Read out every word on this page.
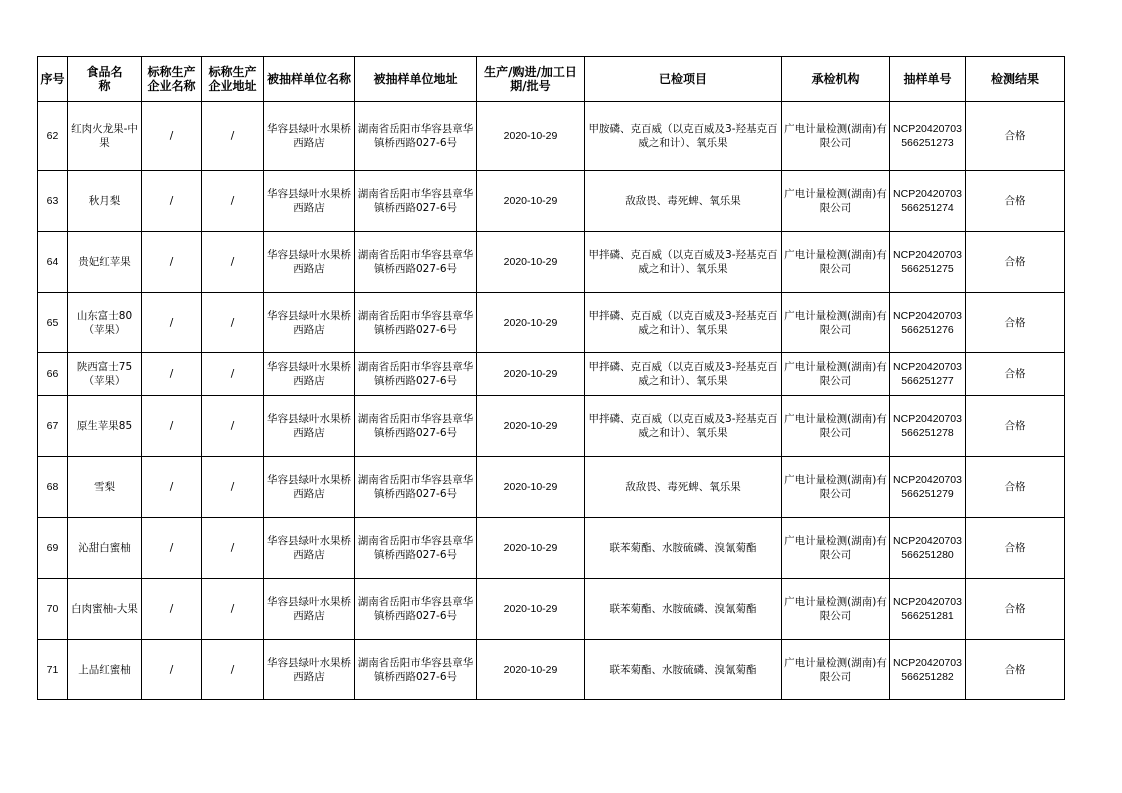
序号	食品名称	标称生产企业名称	标称生产企业地址	被抽样单位名称	被抽样单位地址	生产/购进/加工日期/批号	已检项目	承检机构	抽样单号	检测结果
62	红肉火龙果-中果	/	/	华容县绿叶水果桥西路店	湖南省岳阳市华容县章华镇桥西路027-6号	2020-10-29	甲胺磷、克百威（以克百威及3-羟基克百威之和计）、氧乐果	广电计量检测(湖南)有限公司	NCP20420703566251273	合格
63	秋月梨	/	/	华容县绿叶水果桥西路店	湖南省岳阳市华容县章华镇桥西路027-6号	2020-10-29	敌敌畏、毒死蜱、氧乐果	广电计量检测(湖南)有限公司	NCP20420703566251274	合格
64	贵妃红苹果	/	/	华容县绿叶水果桥西路店	湖南省岳阳市华容县章华镇桥西路027-6号	2020-10-29	甲拌磷、克百威（以克百威及3-羟基克百威之和计）、氧乐果	广电计量检测(湖南)有限公司	NCP20420703566251275	合格
65	山东富士80（苹果）	/	/	华容县绿叶水果桥西路店	湖南省岳阳市华容县章华镇桥西路027-6号	2020-10-29	甲拌磷、克百威（以克百威及3-羟基克百威之和计）、氧乐果	广电计量检测(湖南)有限公司	NCP20420703566251276	合格
66	陕西富士75（苹果）	/	/	华容县绿叶水果桥西路店	湖南省岳阳市华容县章华镇桥西路027-6号	2020-10-29	甲拌磷、克百威（以克百威及3-羟基克百威之和计）、氧乐果	广电计量检测(湖南)有限公司	NCP20420703566251277	合格
67	原生苹果85	/	/	华容县绿叶水果桥西路店	湖南省岳阳市华容县章华镇桥西路027-6号	2020-10-29	甲拌磷、克百威（以克百威及3-羟基克百威之和计）、氧乐果	广电计量检测(湖南)有限公司	NCP20420703566251278	合格
68	雪梨	/	/	华容县绿叶水果桥西路店	湖南省岳阳市华容县章华镇桥西路027-6号	2020-10-29	敌敌畏、毒死蜱、氧乐果	广电计量检测(湖南)有限公司	NCP20420703566251279	合格
69	沁甜白蜜柚	/	/	华容县绿叶水果桥西路店	湖南省岳阳市华容县章华镇桥西路027-6号	2020-10-29	联苯菊酯、水胺硫磷、溴氰菊酯	广电计量检测(湖南)有限公司	NCP20420703566251280	合格
70	白肉蜜柚-大果	/	/	华容县绿叶水果桥西路店	湖南省岳阳市华容县章华镇桥西路027-6号	2020-10-29	联苯菊酯、水胺硫磷、溴氰菊酯	广电计量检测(湖南)有限公司	NCP20420703566251281	合格
71	上品红蜜柚	/	/	华容县绿叶水果桥西路店	湖南省岳阳市华容县章华镇桥西路027-6号	2020-10-29	联苯菊酯、水胺硫磷、溴氰菊酯	广电计量检测(湖南)有限公司	NCP20420703566251282	合格
